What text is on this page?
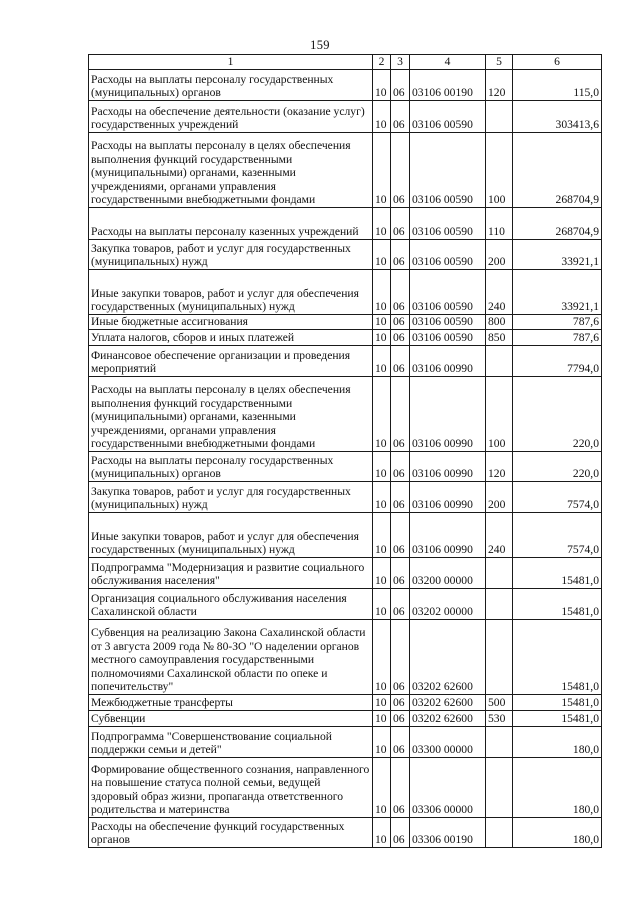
159
1	2	3	4	5	6
Расходы на выплаты персоналу государственных (муниципальных) органов	10	06	03106 00190	120	115,0
Расходы на обеспечение деятельности (оказание услуг) государственных учреждений	10	06	03106 00590		303413,6
Расходы на выплаты персоналу в целях обеспечения выполнения функций государственными (муниципальными) органами, казенными учреждениями, органами управления государственными внебюджетными фондами	10	06	03106 00590	100	268704,9
Расходы на выплаты персоналу казенных учреждений	10	06	03106 00590	110	268704,9
Закупка товаров, работ и услуг для государственных (муниципальных) нужд	10	06	03106 00590	200	33921,1
Иные закупки товаров, работ и услуг для обеспечения государственных (муниципальных) нужд	10	06	03106 00590	240	33921,1
Иные бюджетные ассигнования	10	06	03106 00590	800	787,6
Уплата налогов, сборов и иных платежей	10	06	03106 00590	850	787,6
Финансовое обеспечение организации и проведения мероприятий	10	06	03106 00990		7794,0
Расходы на выплаты персоналу в целях обеспечения выполнения функций государственными (муниципальными) органами, казенными учреждениями, органами управления государственными внебюджетными фондами	10	06	03106 00990	100	220,0
Расходы на выплаты персоналу государственных (муниципальных) органов	10	06	03106 00990	120	220,0
Закупка товаров, работ и услуг для государственных (муниципальных) нужд	10	06	03106 00990	200	7574,0
Иные закупки товаров, работ и услуг для обеспечения государственных (муниципальных) нужд	10	06	03106 00990	240	7574,0
Подпрограмма "Модернизация и развитие социального обслуживания населения"	10	06	03200 00000		15481,0
Организация социального обслуживания населения Сахалинской области	10	06	03202 00000		15481,0
Субвенция на реализацию Закона Сахалинской области от 3 августа 2009 года № 80-ЗО "О наделении органов местного самоуправления государственными полномочиями Сахалинской области по опеке и попечительству"	10	06	03202 62600		15481,0
Межбюджетные трансферты	10	06	03202 62600	500	15481,0
Субвенции	10	06	03202 62600	530	15481,0
Подпрограмма "Совершенствование социальной поддержки семьи и детей"	10	06	03300 00000		180,0
Формирование общественного сознания, направленного на повышение статуса полной семьи, ведущей здоровый образ жизни, пропаганда ответственного родительства и материнства	10	06	03306 00000		180,0
Расходы на обеспечение функций государственных органов	10	06	03306 00190		180,0
